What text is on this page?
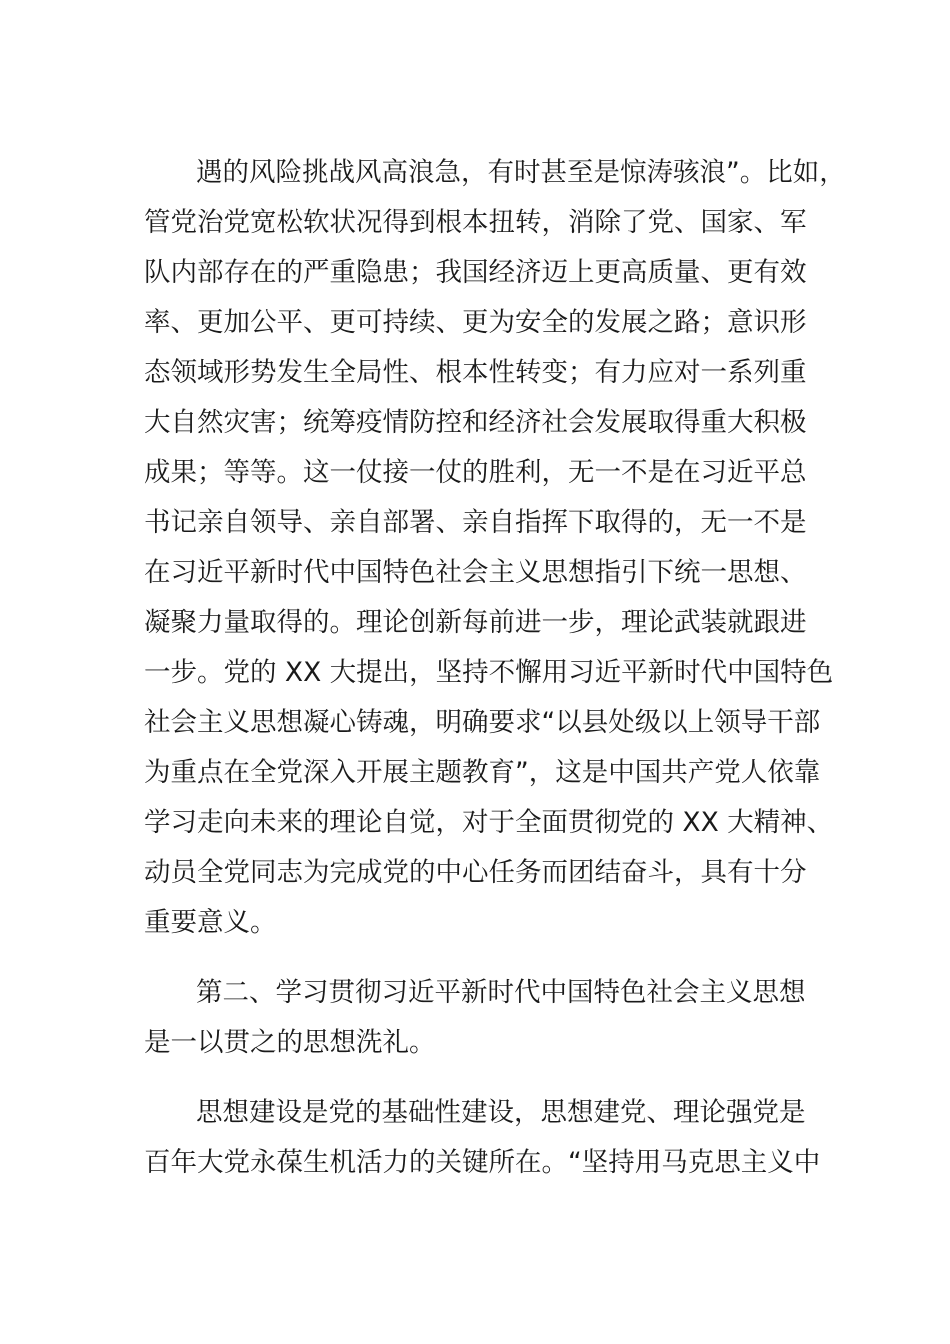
遇的风险挑战风高浪急，有时甚至是惊涛骇浪”。比如，
管党治党宽松软状况得到根本扭转，消除了党、国家、军
队内部存在的严重隐患；我国经济迈上更高质量、更有效
率、更加公平、更可持续、更为安全的发展之路；意识形
态领域形势发生全局性、根本性转变；有力应对一系列重
大自然灾害；统筹疫情防控和经济社会发展取得重大积极
成果；等等。这一仗接一仗的胜利，无一不是在习近平总
书记亲自领导、亲自部署、亲自指挥下取得的，无一不是
在习近平新时代中国特色社会主义思想指引下统一思想、
凝聚力量取得的。理论创新每前进一步，理论武装就跟进
一步。党的 XX 大提出，坚持不懈用习近平新时代中国特色
社会主义思想凝心铸魂，明确要求“以县处级以上领导干部
为重点在全党深入开展主题教育”，这是中国共产党人依靠
学习走向未来的理论自觉，对于全面贯彻党的 XX 大精神、
动员全党同志为完成党的中心任务而团结奋斗，具有十分
重要意义。
第二、学习贯彻习近平新时代中国特色社会主义思想
是一以贯之的思想洗礼。
思想建设是党的基础性建设，思想建党、理论强党是
百年大党永葆生机活力的关键所在。“坚持用马克思主义中
